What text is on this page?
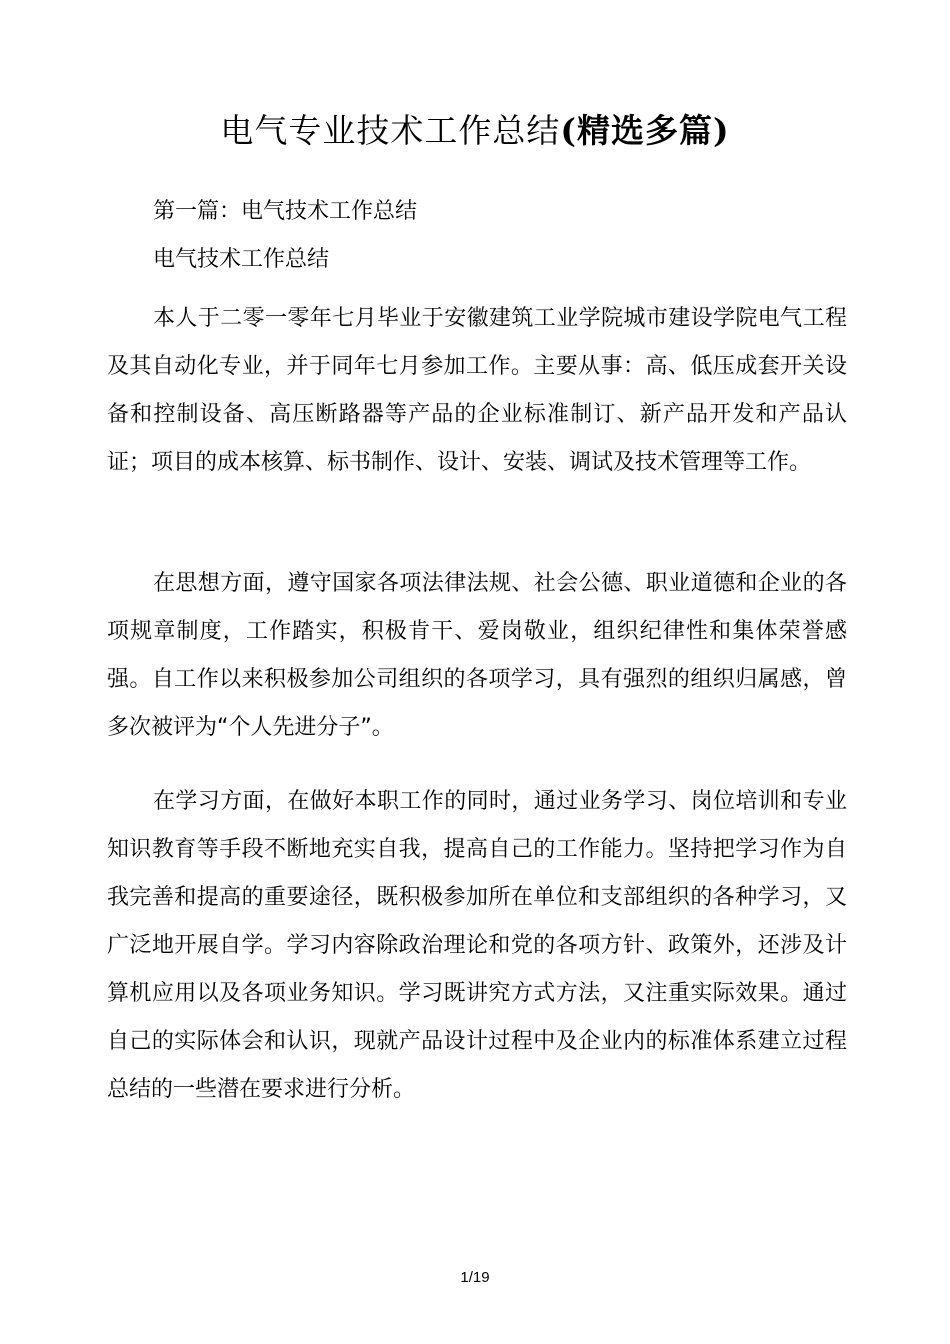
电气专业技术工作总结(精选多篇)

第一篇：电气技术工作总结

电气技术工作总结

本人于二零一零年七月毕业于安徽建筑工业学院城市建设学院电气工程及其自动化专业，并于同年七月参加工作。主要从事：高、低压成套开关设备和控制设备、高压断路器等产品的企业标准制订、新产品开发和产品认证；项目的成本核算、标书制作、设计、安装、调试及技术管理等工作。

在思想方面，遵守国家各项法律法规、社会公德、职业道德和企业的各项规章制度，工作踏实，积极肯干、爱岗敬业，组织纪律性和集体荣誉感强。自工作以来积极参加公司组织的各项学习，具有强烈的组织归属感，曾多次被评为“个人先进分子”。

在学习方面，在做好本职工作的同时，通过业务学习、岗位培训和专业知识教育等手段不断地充实自我，提高自己的工作能力。坚持把学习作为自我完善和提高的重要途径，既积极参加所在单位和支部组织的各种学习，又广泛地开展自学。学习内容除政治理论和党的各项方针、政策外，还涉及计算机应用以及各项业务知识。学习既讲究方式方法，又注重实际效果。通过自己的实际体会和认识，现就产品设计过程中及企业内的标准体系建立过程总结的一些潜在要求进行分析。

1/19
